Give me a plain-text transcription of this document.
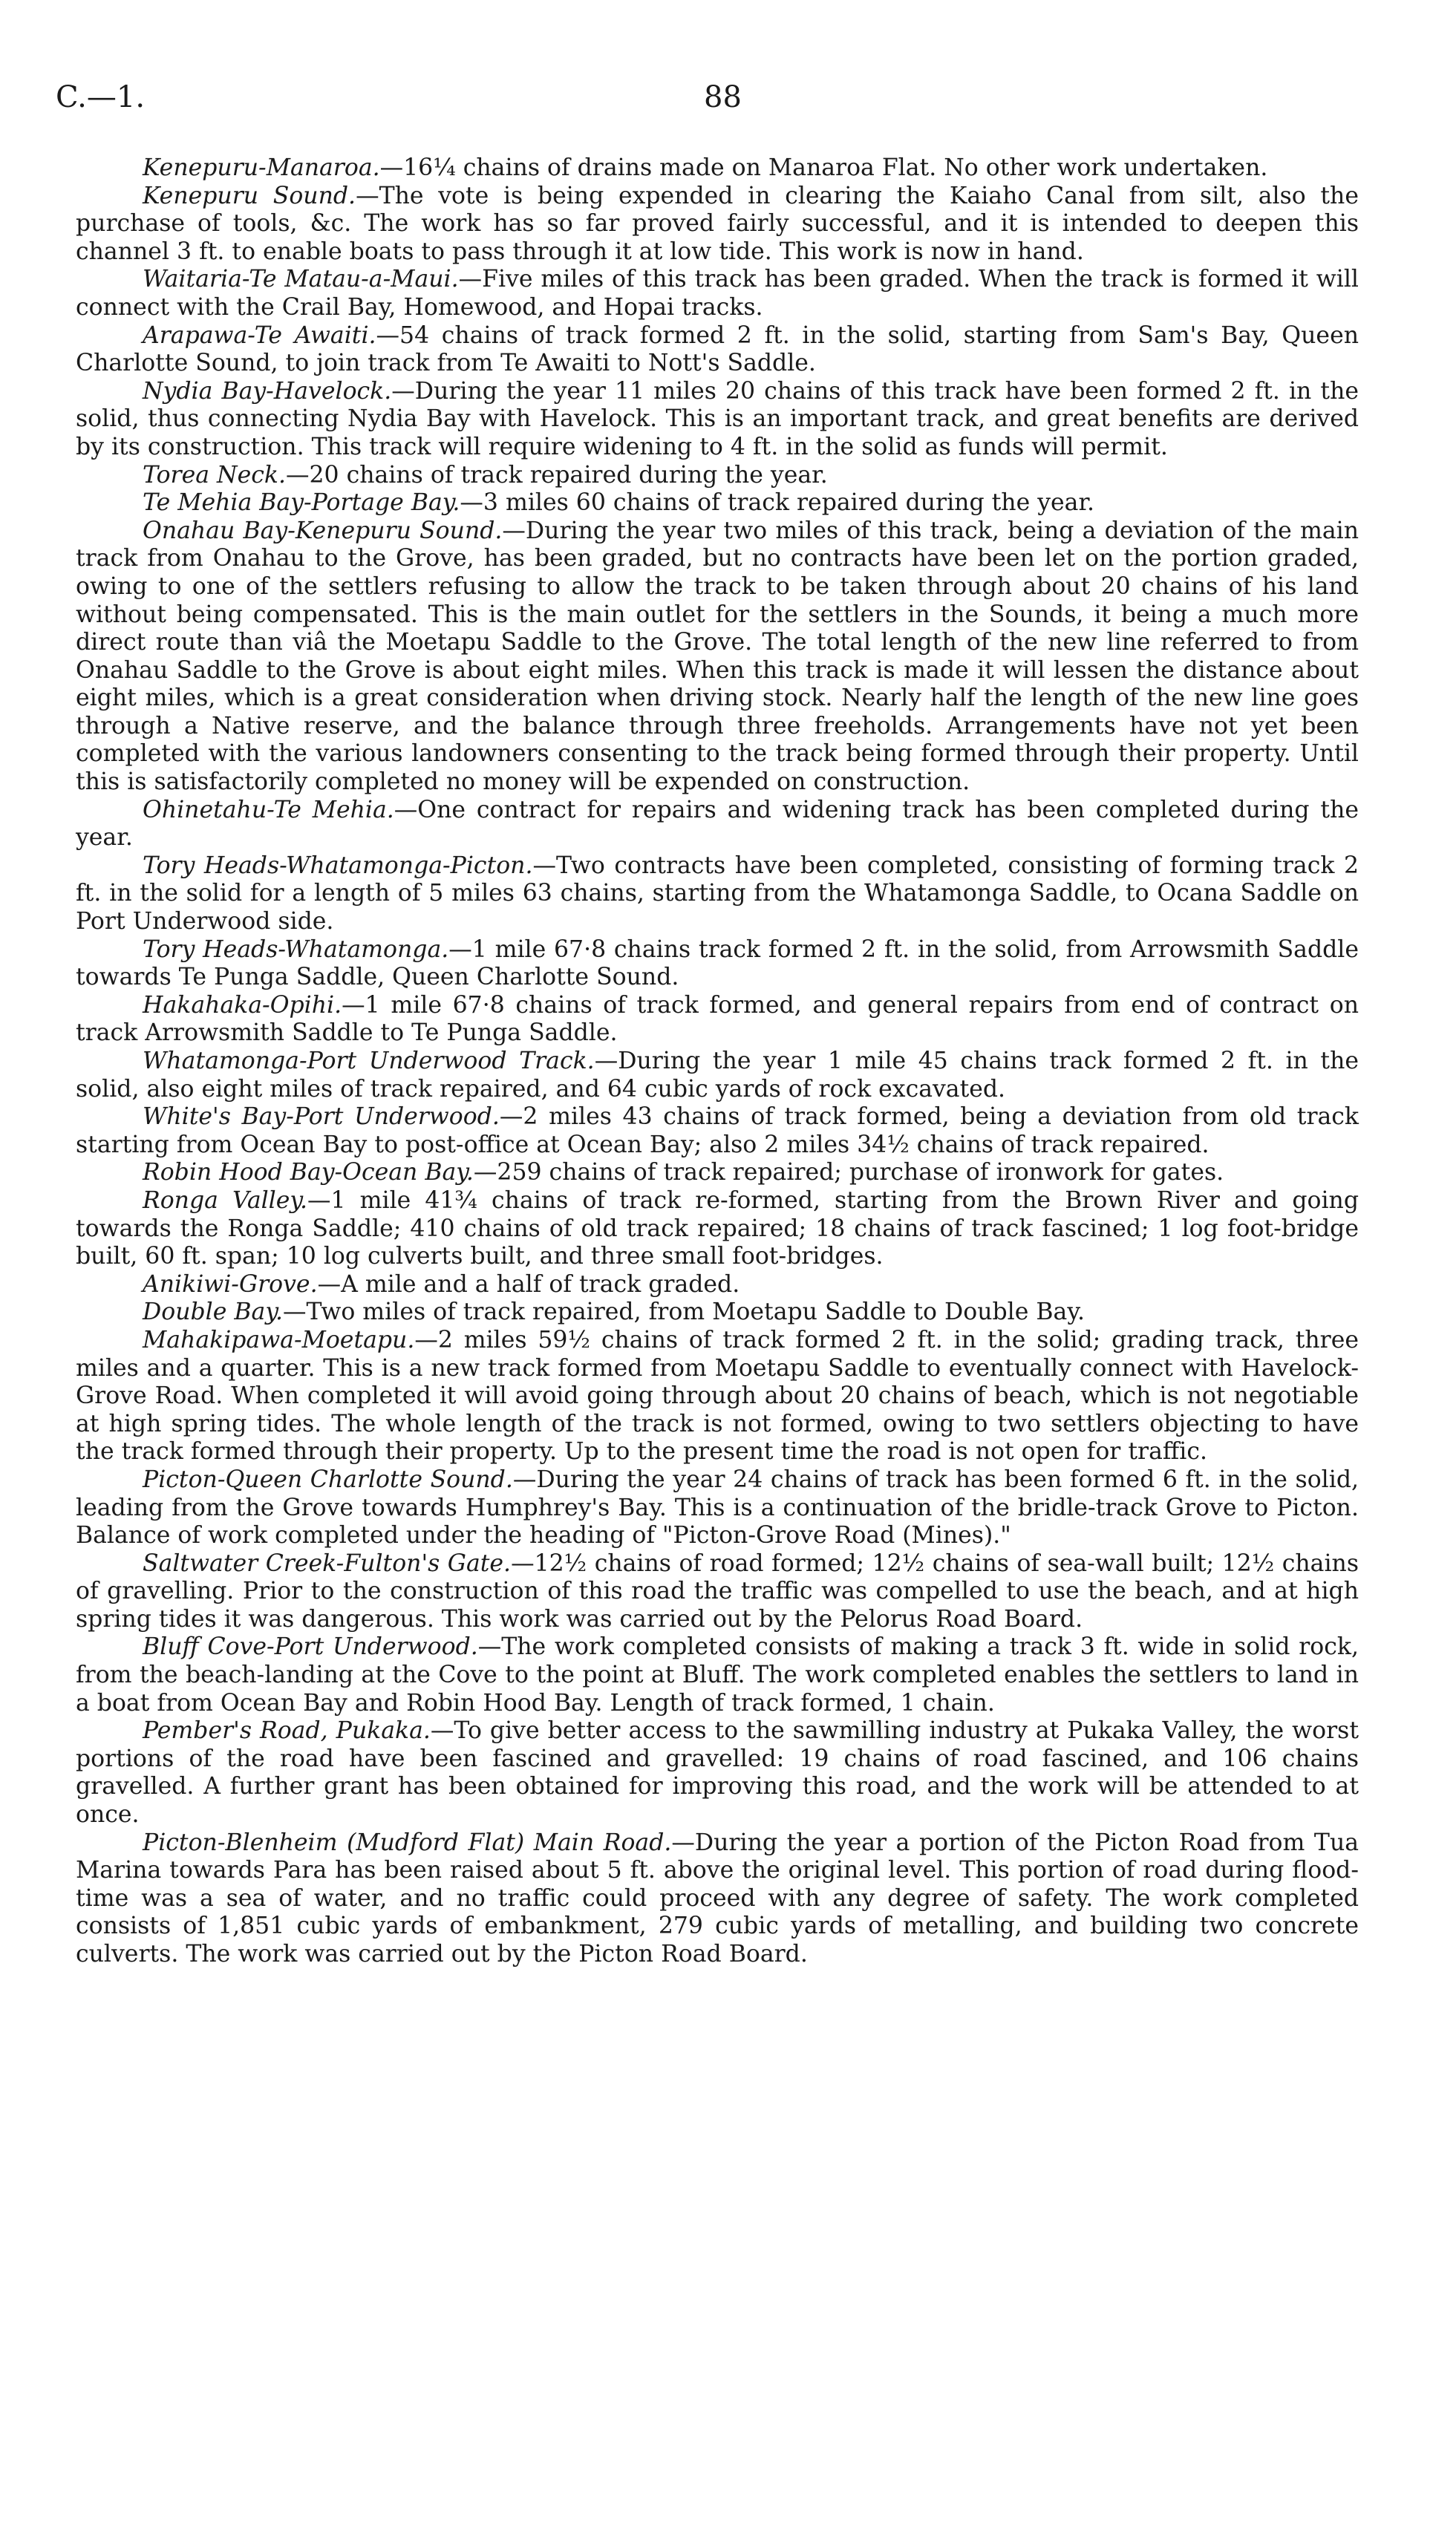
C.—1.	88

Kenepuru-Manaroa.—16¼ chains of drains made on Manaroa Flat. No other work undertaken.

Kenepuru Sound.—The vote is being expended in clearing the Kaiaho Canal from silt, also the purchase of tools, &c. The work has so far proved fairly successful, and it is intended to deepen this channel 3 ft. to enable boats to pass through it at low tide. This work is now in hand.

Waitaria-Te Matau-a-Maui.—Five miles of this track has been graded. When the track is formed it will connect with the Crail Bay, Homewood, and Hopai tracks.

Arapawa-Te Awaiti.—54 chains of track formed 2 ft. in the solid, starting from Sam's Bay, Queen Charlotte Sound, to join track from Te Awaiti to Nott's Saddle.

Nydia Bay-Havelock.—During the year 11 miles 20 chains of this track have been formed 2 ft. in the solid, thus connecting Nydia Bay with Havelock. This is an important track, and great benefits are derived by its construction. This track will require widening to 4 ft. in the solid as funds will permit.

Torea Neck.—20 chains of track repaired during the year.

Te Mehia Bay-Portage Bay.—3 miles 60 chains of track repaired during the year.

Onahau Bay-Kenepuru Sound.—During the year two miles of this track, being a deviation of the main track from Onahau to the Grove, has been graded, but no contracts have been let on the portion graded, owing to one of the settlers refusing to allow the track to be taken through about 20 chains of his land without being compensated. This is the main outlet for the settlers in the Sounds, it being a much more direct route than viâ the Moetapu Saddle to the Grove. The total length of the new line referred to from Onahau Saddle to the Grove is about eight miles. When this track is made it will lessen the distance about eight miles, which is a great consideration when driving stock. Nearly half the length of the new line goes through a Native reserve, and the balance through three freeholds. Arrangements have not yet been completed with the various landowners consenting to the track being formed through their property. Until this is satisfactorily completed no money will be expended on construction.

Ohinetahu-Te Mehia.—One contract for repairs and widening track has been completed during the year.

Tory Heads-Whatamonga-Picton.—Two contracts have been completed, consisting of forming track 2 ft. in the solid for a length of 5 miles 63 chains, starting from the Whatamonga Saddle, to Ocana Saddle on Port Underwood side.

Tory Heads-Whatamonga.—1 mile 67·8 chains track formed 2 ft. in the solid, from Arrowsmith Saddle towards Te Punga Saddle, Queen Charlotte Sound.

Hakahaka-Opihi.—1 mile 67·8 chains of track formed, and general repairs from end of contract on track Arrowsmith Saddle to Te Punga Saddle.

Whatamonga-Port Underwood Track.—During the year 1 mile 45 chains track formed 2 ft. in the solid, also eight miles of track repaired, and 64 cubic yards of rock excavated.

White's Bay-Port Underwood.—2 miles 43 chains of track formed, being a deviation from old track starting from Ocean Bay to post-office at Ocean Bay; also 2 miles 34½ chains of track repaired.

Robin Hood Bay-Ocean Bay.—259 chains of track repaired; purchase of ironwork for gates.

Ronga Valley.—1 mile 41¾ chains of track re-formed, starting from the Brown River and going towards the Ronga Saddle; 410 chains of old track repaired; 18 chains of track fascined; 1 log foot-bridge built, 60 ft. span; 10 log culverts built, and three small foot-bridges.

Anikiwi-Grove.—A mile and a half of track graded.

Double Bay.—Two miles of track repaired, from Moetapu Saddle to Double Bay.

Mahakipawa-Moetapu.—2 miles 59½ chains of track formed 2 ft. in the solid; grading track, three miles and a quarter. This is a new track formed from Moetapu Saddle to eventually connect with Havelock-Grove Road. When completed it will avoid going through about 20 chains of beach, which is not negotiable at high spring tides. The whole length of the track is not formed, owing to two settlers objecting to have the track formed through their property. Up to the present time the road is not open for traffic.

Picton-Queen Charlotte Sound.—During the year 24 chains of track has been formed 6 ft. in the solid, leading from the Grove towards Humphrey's Bay. This is a continuation of the bridle-track Grove to Picton. Balance of work completed under the heading of "Picton-Grove Road (Mines)."

Saltwater Creek-Fulton's Gate.—12½ chains of road formed; 12½ chains of sea-wall built; 12½ chains of gravelling. Prior to the construction of this road the traffic was compelled to use the beach, and at high spring tides it was dangerous. This work was carried out by the Pelorus Road Board.

Bluff Cove-Port Underwood.—The work completed consists of making a track 3 ft. wide in solid rock, from the beach-landing at the Cove to the point at Bluff. The work completed enables the settlers to land in a boat from Ocean Bay and Robin Hood Bay. Length of track formed, 1 chain.

Pember's Road, Pukaka.—To give better access to the sawmilling industry at Pukaka Valley, the worst portions of the road have been fascined and gravelled: 19 chains of road fascined, and 106 chains gravelled. A further grant has been obtained for improving this road, and the work will be attended to at once.

Picton-Blenheim (Mudford Flat) Main Road.—During the year a portion of the Picton Road from Tua Marina towards Para has been raised about 5 ft. above the original level. This portion of road during flood-time was a sea of water, and no traffic could proceed with any degree of safety. The work completed consists of 1,851 cubic yards of embankment, 279 cubic yards of metalling, and building two concrete culverts. The work was carried out by the Picton Road Board.
